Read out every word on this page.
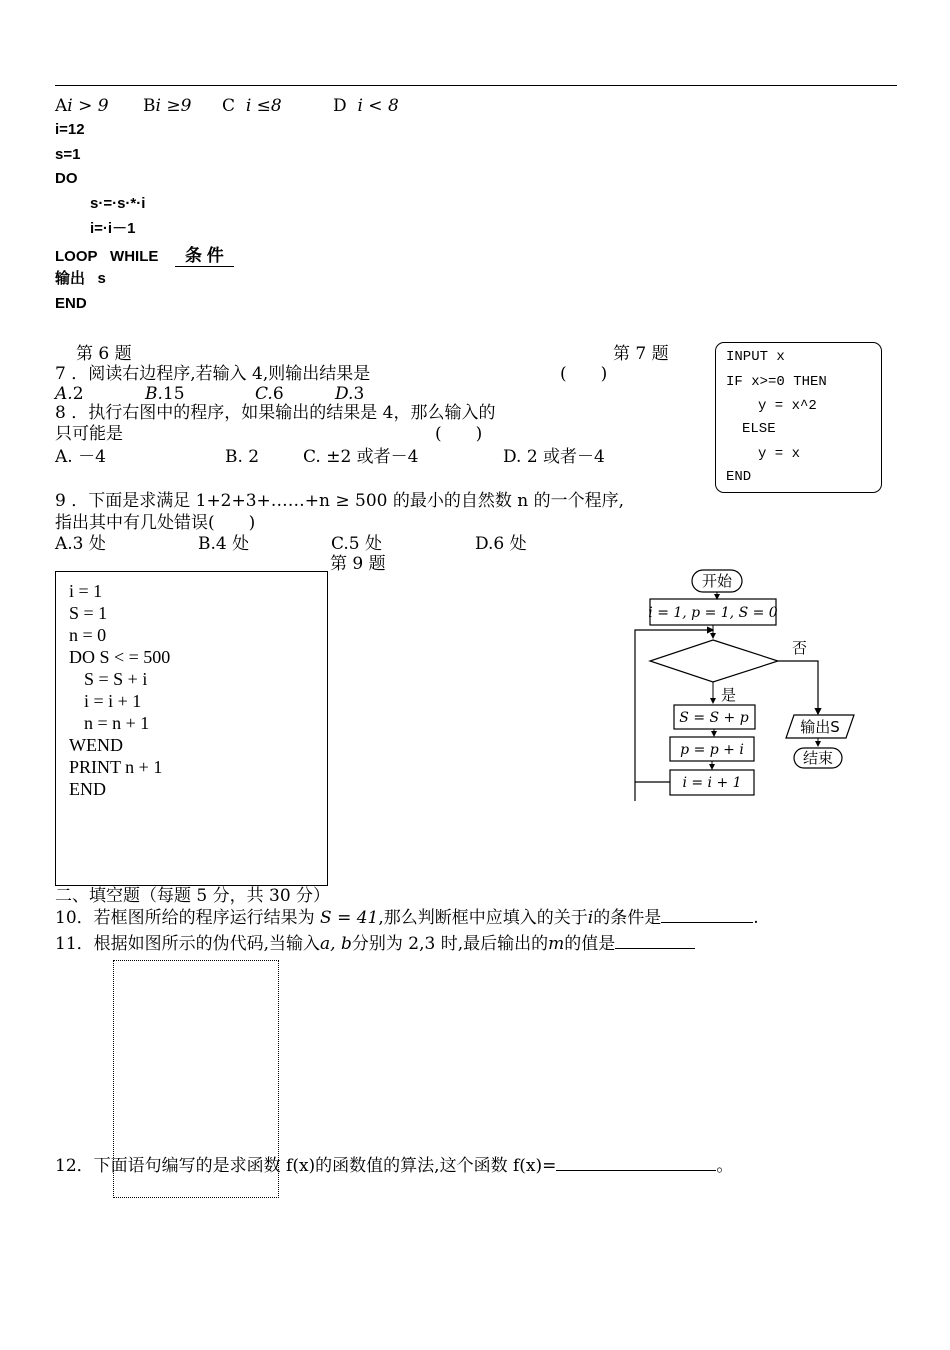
Ai > 9 Bi ≥9 C i ≤8	D i < 8
i=12
s=1
DO
s·=·s·*·i
i=·i－1
LOOP WHILE 条 件
输出 s
END
第 6 题	第 7 题	INPUT x
IF x>=0 THEN
y = x^2
ELSE
y = x
END
7 ．阅读右边程序,若输入 4,则输出结果是	(　　)
A.2	B.15	C.6	D.3
8 ．执行右图中的程序，如果输出的结果是 4，那么输入的
只可能是	(　　)
A. －4	B. 2	C. ±2 或者－4	D. 2 或者－4
9 ．下面是求满足 1+2+3+……+n ≥ 500 的最小的自然数 n 的一个程序,
指出其中有几处错误(　　)
A.3 处	B.4 处	C.5 处	D.6 处
第 9 题
i = 1
S = 1
n = 0
DO S < = 500
S = S + i
i = i + 1
n = n + 1
WEND
PRINT n + 1
END
开始
i = 1, p = 1, S = 0
否
是
S = S + p
p = p + i
i = i + 1
输出S
结束
二、填空题（每题 5 分，共 30 分）
10．若框图所给的程序运行结果为 S = 41,那么判断框中应填入的关于i的条件是	.
11．根据如图所示的伪代码,当输入a, b分别为 2,3 时,最后输出的m的值是
12．下面语句编写的是求函数 f(x)的函数值的算法,这个函数 f(x)=	。
